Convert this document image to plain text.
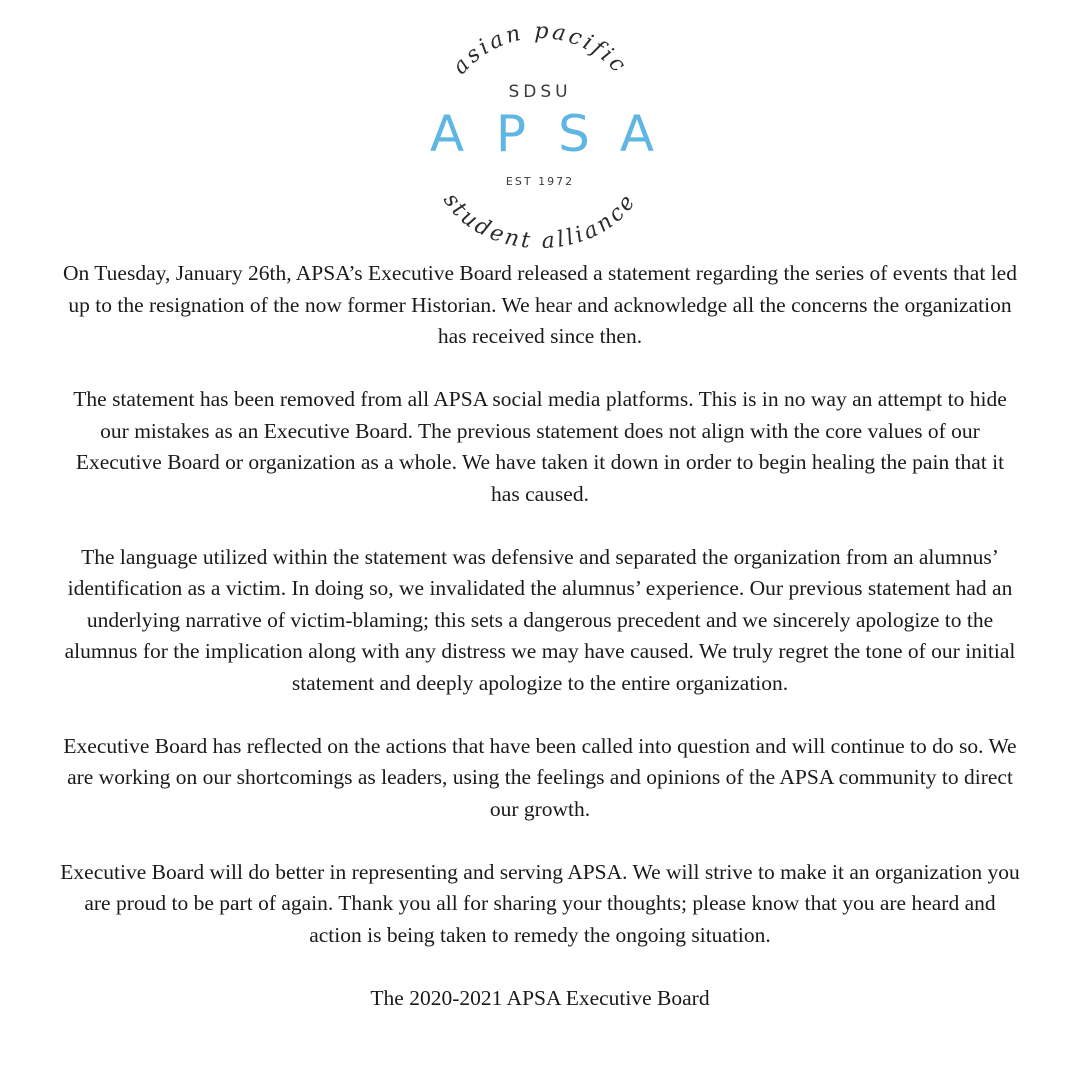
asian pacific
student alliance
SDSU
A P S A
EST 1972

On Tuesday, January 26th, APSA’s Executive Board released a statement regarding the series of events that led up to the resignation of the now former Historian. We hear and acknowledge all the concerns the organization has received since then.

The statement has been removed from all APSA social media platforms. This is in no way an attempt to hide our mistakes as an Executive Board. The previous statement does not align with the core values of our Executive Board or organization as a whole. We have taken it down in order to begin healing the pain that it has caused.

The language utilized within the statement was defensive and separated the organization from an alumnus’ identification as a victim. In doing so, we invalidated the alumnus’ experience. Our previous statement had an underlying narrative of victim-blaming; this sets a dangerous precedent and we sincerely apologize to the alumnus for the implication along with any distress we may have caused. We truly regret the tone of our initial statement and deeply apologize to the entire organization.

Executive Board has reflected on the actions that have been called into question and will continue to do so. We are working on our shortcomings as leaders, using the feelings and opinions of the APSA community to direct our growth.

Executive Board will do better in representing and serving APSA. We will strive to make it an organization you are proud to be part of again. Thank you all for sharing your thoughts; please know that you are heard and action is being taken to remedy the ongoing situation.

The 2020-2021 APSA Executive Board
